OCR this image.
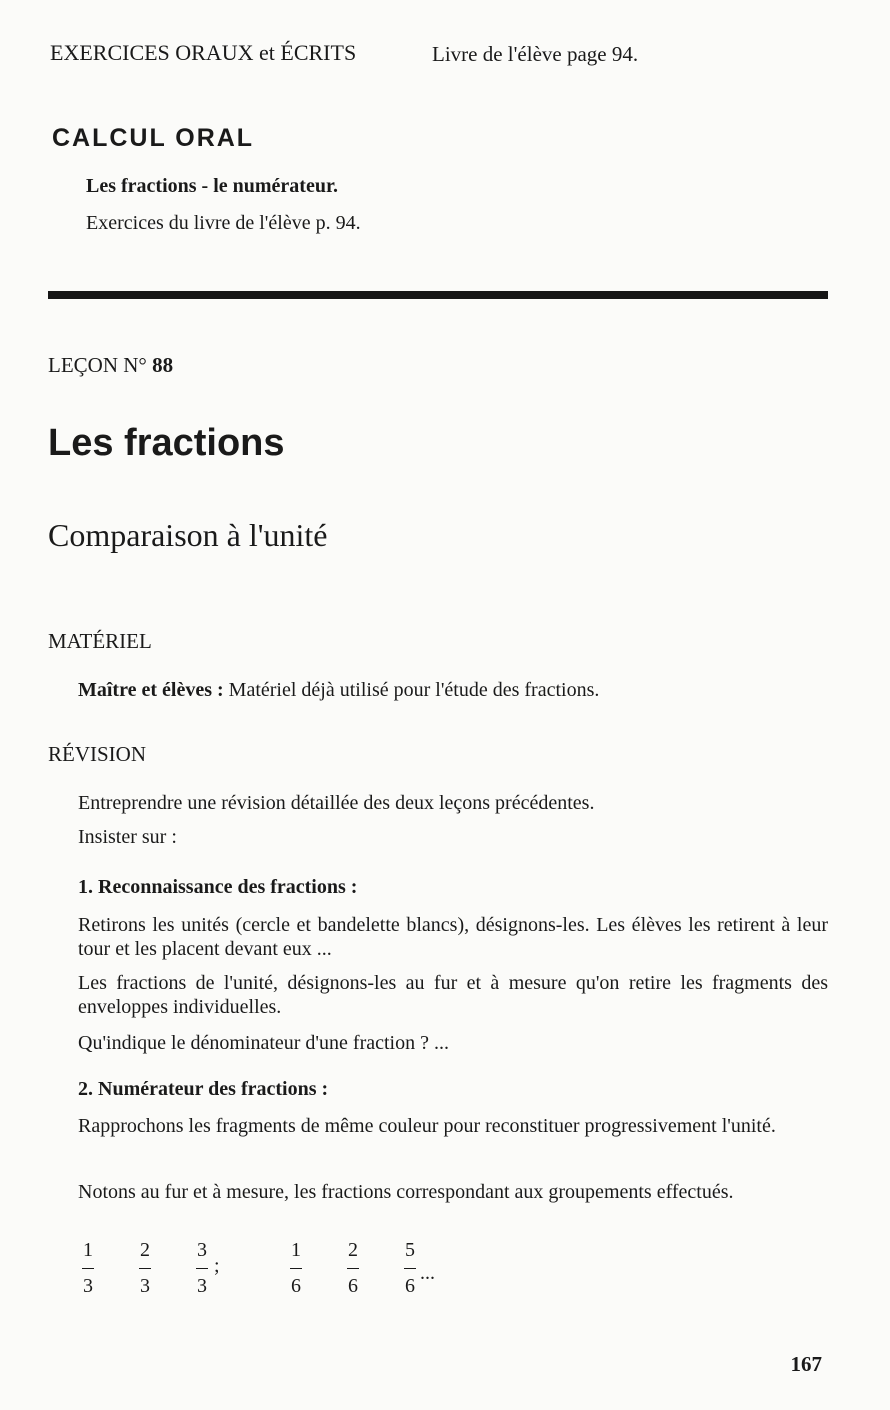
EXERCICES ORAUX et ÉCRITS	Livre de l'élève page 94.
CALCUL ORAL
Les fractions - le numérateur.
Exercices du livre de l'élève p. 94.
LEÇON N° 88
Les fractions
Comparaison à l'unité
MATÉRIEL
Maître et élèves : Matériel déjà utilisé pour l'étude des fractions.
RÉVISION
Entreprendre une révision détaillée des deux leçons précédentes.
Insister sur :
1. Reconnaissance des fractions :
Retirons les unités (cercle et bandelette blancs), désignons-les. Les élèves les retirent à leur tour et les placent devant eux ...
Les fractions de l'unité, désignons-les au fur et à mesure qu'on retire les fragments des enveloppes individuelles.
Qu'indique le dénominateur d'une fraction ? ...
2. Numérateur des fractions :
Rapprochons les fragments de même couleur pour reconstituer progressivement l'unité.
Notons au fur et à mesure, les fractions correspondant aux groupements effectués.
1
3
2
3
3
3
;
1
6
2
6
5
6
...
167
